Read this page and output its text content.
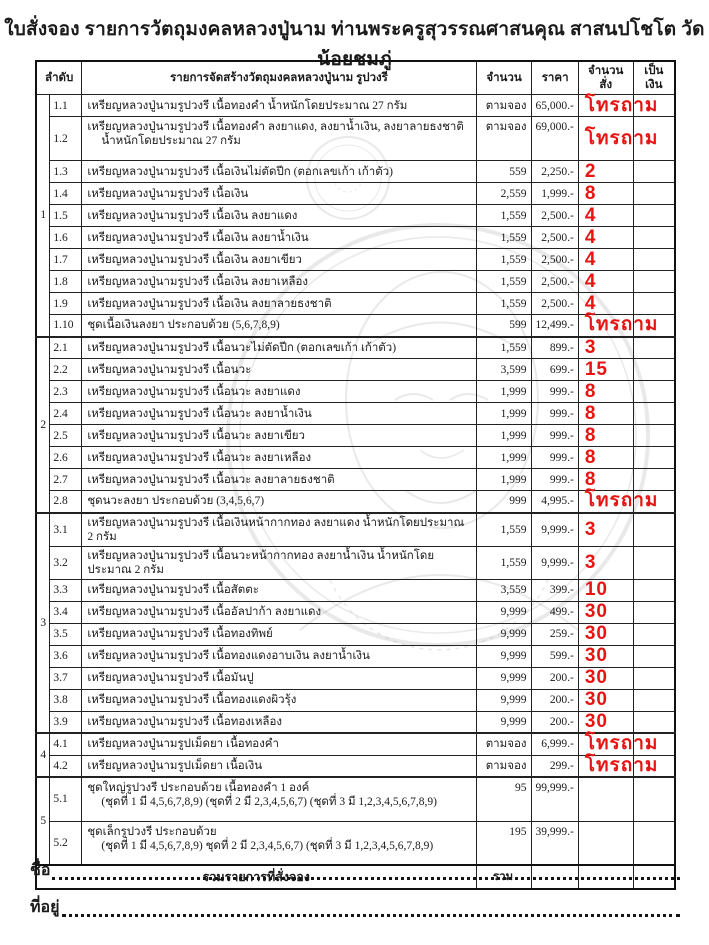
ใบสั่งจอง รายการวัตถุมงคลหลวงปู่นาม ท่านพระครูสุวรรณศาสนคุณ สาสนปโชโต วัดน้อยชมภู่
ลำดับ		รายการจัดสร้างวัตถุมงคลหลวงปู่นาม รูปวงรี	จำนวน	ราคา	จำนวนสั่ง	เป็นเงิน
1	1.1	เหรียญหลวงปู่นามรูปวงรี เนื้อทองคำ น้ำหนักโดยประมาณ 27 กรัม	ตามจอง	65,000.-	โทรถาม	

	1.2	เหรียญหลวงปู่นามรูปวงรี เนื้อทองคำ ลงยาแดง, ลงยาน้ำเงิน, ลงยาลายธงชาติ
น้ำหนักโดยประมาณ 27 กรัม	ตามจอง	69,000.-	โทรถาม	

	1.3	เหรียญหลวงปู่นามรูปวงรี เนื้อเงินไม่ตัดปีก (ตอกเลขเก้า เก้าตัว)	559	2,250.-	2	

	1.4	เหรียญหลวงปู่นามรูปวงรี เนื้อเงิน	2,559	1,999.-	8	

	1.5	เหรียญหลวงปู่นามรูปวงรี เนื้อเงิน ลงยาแดง	1,559	2,500.-	4	

	1.6	เหรียญหลวงปู่นามรูปวงรี เนื้อเงิน ลงยาน้ำเงิน	1,559	2,500.-	4	

	1.7	เหรียญหลวงปู่นามรูปวงรี เนื้อเงิน ลงยาเขียว	1,559	2,500.-	4	

	1.8	เหรียญหลวงปู่นามรูปวงรี เนื้อเงิน ลงยาเหลือง	1,559	2,500.-	4	

	1.9	เหรียญหลวงปู่นามรูปวงรี เนื้อเงิน ลงยาลายธงชาติ	1,559	2,500.-	4	

	1.10	ชุดเนื้อเงินลงยา ประกอบด้วย (5,6,7,8,9)	599	12,499.-	โทรถาม	

2	2.1	เหรียญหลวงปู่นามรูปวงรี เนื้อนวะไม่ตัดปีก (ตอกเลขเก้า เก้าตัว)	1,559	899.-	3	

	2.2	เหรียญหลวงปู่นามรูปวงรี เนื้อนวะ	3,599	699.-	15	

	2.3	เหรียญหลวงปู่นามรูปวงรี เนื้อนวะ ลงยาแดง	1,999	999.-	8	

	2.4	เหรียญหลวงปู่นามรูปวงรี เนื้อนวะ ลงยาน้ำเงิน	1,999	999.-	8	

	2.5	เหรียญหลวงปู่นามรูปวงรี เนื้อนวะ ลงยาเขียว	1,999	999.-	8	

	2.6	เหรียญหลวงปู่นามรูปวงรี เนื้อนวะ ลงยาเหลือง	1,999	999.-	8	

	2.7	เหรียญหลวงปู่นามรูปวงรี เนื้อนวะ ลงยาลายธงชาติ	1,999	999.-	8	

	2.8	ชุดนวะลงยา ประกอบด้วย (3,4,5,6,7)	999	4,995.-	โทรถาม	

3	3.1	เหรียญหลวงปู่นามรูปวงรี เนื้อเงินหน้ากากทอง ลงยาแดง น้ำหนักโดยประมาณ 2 กรัม	1,559	9,999.-	3	

	3.2	เหรียญหลวงปู่นามรูปวงรี เนื้อนวะหน้ากากทอง ลงยาน้ำเงิน น้ำหนักโดยประมาณ 2 กรัม	1,559	9,999.-	3	

	3.3	เหรียญหลวงปู่นามรูปวงรี เนื้อสัตตะ	3,559	399.-	10	

	3.4	เหรียญหลวงปู่นามรูปวงรี เนื้ออัลปาก้า ลงยาแดง	9,999	499.-	30	

	3.5	เหรียญหลวงปู่นามรูปวงรี เนื้อทองทิพย์	9,999	259.-	30	

	3.6	เหรียญหลวงปู่นามรูปวงรี เนื้อทองแดงอาบเงิน ลงยาน้ำเงิน	9,999	599.-	30	

	3.7	เหรียญหลวงปู่นามรูปวงรี เนื้อมันปู	9,999	200.-	30	

	3.8	เหรียญหลวงปู่นามรูปวงรี เนื้อทองแดงผิวรุ้ง	9,999	200.-	30	

	3.9	เหรียญหลวงปู่นามรูปวงรี เนื้อทองเหลือง	9,999	200.-	30	

4	4.1	เหรียญหลวงปู่นามรูปเม็ดยา เนื้อทองคำ	ตามจอง	6,999.-	โทรถาม	

	4.2	เหรียญหลวงปู่นามรูปเม็ดยา เนื้อเงิน	ตามจอง	299.-	โทรถาม	

5	5.1	ชุดใหญ่รูปวงรี ประกอบด้วย เนื้อทองคำ 1 องค์
(ชุดที่ 1 มี 4,5,6,7,8,9) (ชุดที่ 2 มี 2,3,4,5,6,7) (ชุดที่ 3 มี 1,2,3,4,5,6,7,8,9)	95	99,999.-		
	5.2	ชุดเล็กรูปวงรี ประกอบด้วย
(ชุดที่ 1 มี 4,5,6,7,8,9) ชุดที่ 2 มี 2,3,4,5,6,7) (ชุดที่ 3 มี 1,2,3,4,5,6,7,8,9)	195	39,999.-		
รวมรายการที่สั่งจอง			รวม			
ชื่อ
ที่อยู่
